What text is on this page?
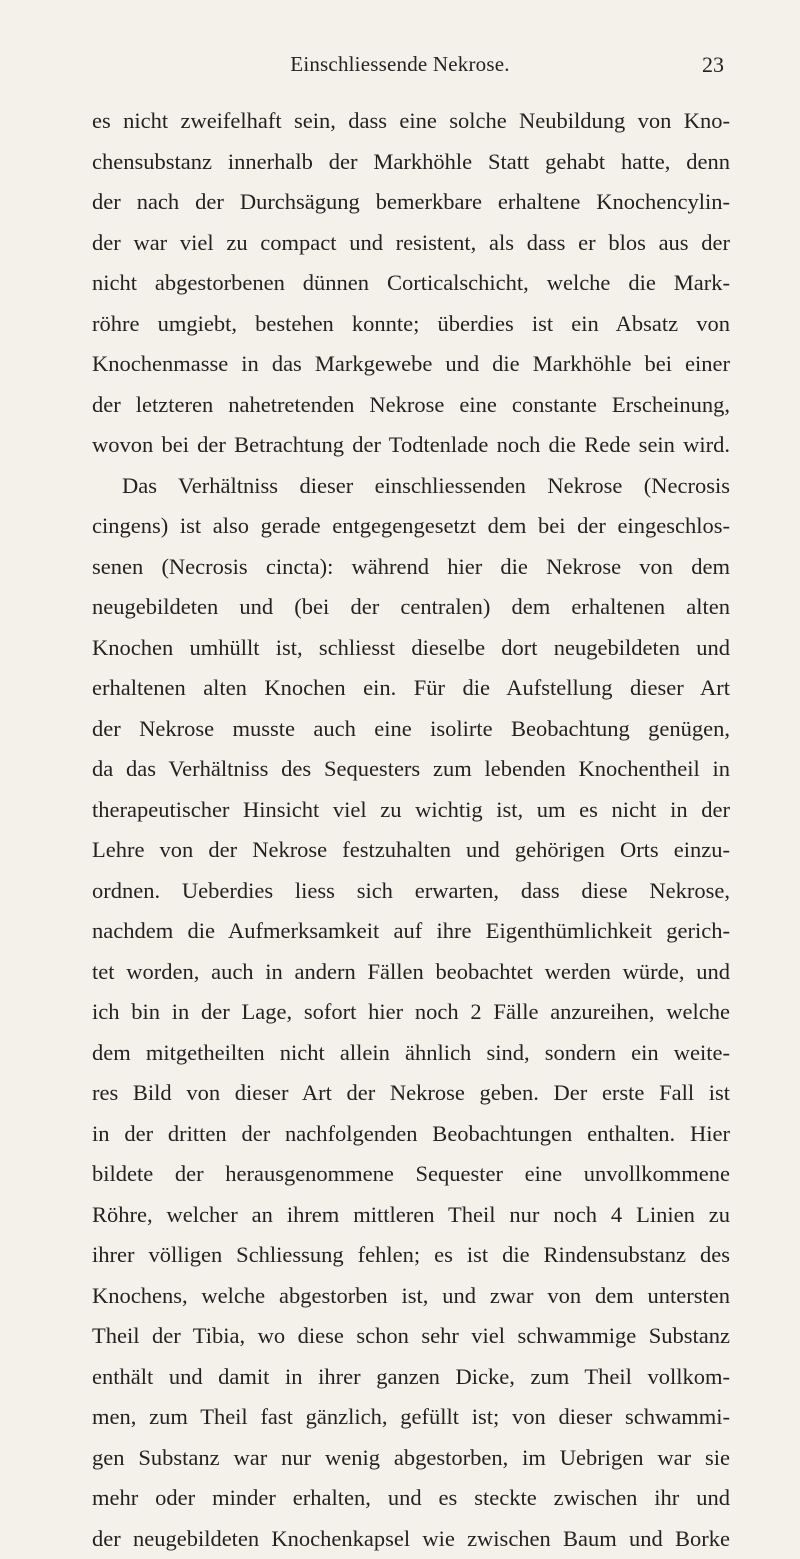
Einschliessende Nekrose.	23
es nicht zweifelhaft sein, dass eine solche Neubildung von Kno-
chensubstanz innerhalb der Markhöhle Statt gehabt hatte, denn
der nach der Durchsägung bemerkbare erhaltene Knochencylin-
der war viel zu compact und resistent, als dass er blos aus der
nicht abgestorbenen dünnen Corticalschicht, welche die Mark-
röhre umgiebt, bestehen konnte; überdies ist ein Absatz von
Knochenmasse in das Markgewebe und die Markhöhle bei einer
der letzteren nahetretenden Nekrose eine constante Erscheinung,
wovon bei der Betrachtung der Todtenlade noch die Rede sein wird.
Das Verhältniss dieser einschliessenden Nekrose (Necrosis
cingens) ist also gerade entgegengesetzt dem bei der eingeschlos-
senen (Necrosis cincta): während hier die Nekrose von dem
neugebildeten und (bei der centralen) dem erhaltenen alten
Knochen umhüllt ist, schliesst dieselbe dort neugebildeten und
erhaltenen alten Knochen ein. Für die Aufstellung dieser Art
der Nekrose musste auch eine isolirte Beobachtung genügen,
da das Verhältniss des Sequesters zum lebenden Knochentheil in
therapeutischer Hinsicht viel zu wichtig ist, um es nicht in der
Lehre von der Nekrose festzuhalten und gehörigen Orts einzu-
ordnen. Ueberdies liess sich erwarten, dass diese Nekrose,
nachdem die Aufmerksamkeit auf ihre Eigenthümlichkeit gerich-
tet worden, auch in andern Fällen beobachtet werden würde, und
ich bin in der Lage, sofort hier noch 2 Fälle anzureihen, welche
dem mitgetheilten nicht allein ähnlich sind, sondern ein weite-
res Bild von dieser Art der Nekrose geben. Der erste Fall ist
in der dritten der nachfolgenden Beobachtungen enthalten. Hier
bildete der herausgenommene Sequester eine unvollkommene
Röhre, welcher an ihrem mittleren Theil nur noch 4 Linien zu
ihrer völligen Schliessung fehlen; es ist die Rindensubstanz des
Knochens, welche abgestorben ist, und zwar von dem untersten
Theil der Tibia, wo diese schon sehr viel schwammige Substanz
enthält und damit in ihrer ganzen Dicke, zum Theil vollkom-
men, zum Theil fast gänzlich, gefüllt ist; von dieser schwammi-
gen Substanz war nur wenig abgestorben, im Uebrigen war sie
mehr oder minder erhalten, und es steckte zwischen ihr und
der neugebildeten Knochenkapsel wie zwischen Baum und Borke
